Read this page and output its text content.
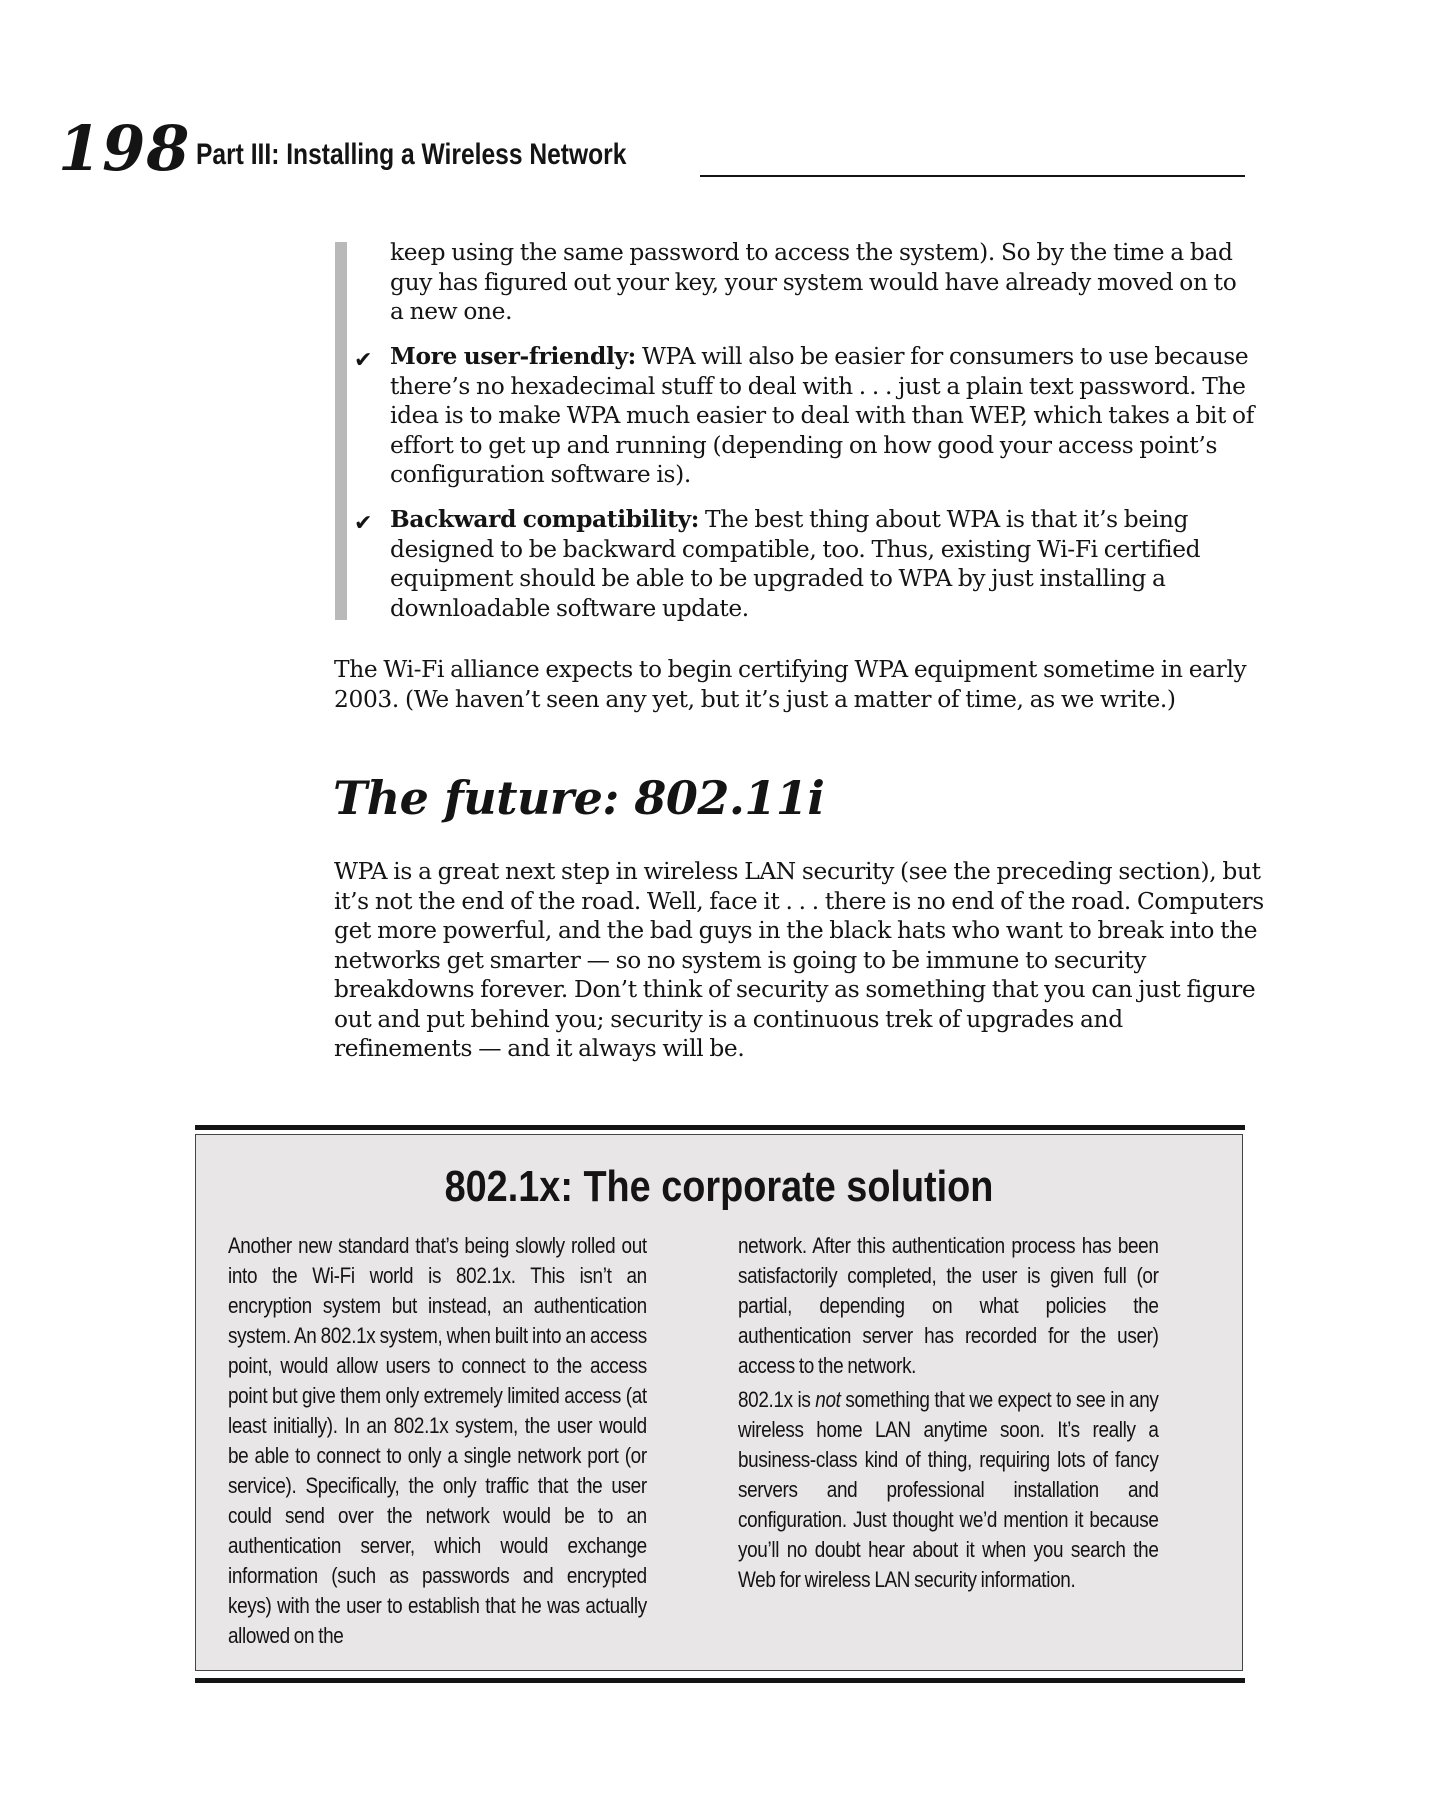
198 Part III: Installing a Wireless Network

keep using the same password to access the system). So by the time a bad guy has figured out your key, your system would have already moved on to a new one.

✔ More user-friendly: WPA will also be easier for consumers to use because there’s no hexadecimal stuff to deal with . . . just a plain text password. The idea is to make WPA much easier to deal with than WEP, which takes a bit of effort to get up and running (depending on how good your access point’s configuration software is).

✔ Backward compatibility: The best thing about WPA is that it’s being designed to be backward compatible, too. Thus, existing Wi-Fi certified equipment should be able to be upgraded to WPA by just installing a downloadable software update.

The Wi-Fi alliance expects to begin certifying WPA equipment sometime in early 2003. (We haven’t seen any yet, but it’s just a matter of time, as we write.)

The future: 802.11i

WPA is a great next step in wireless LAN security (see the preceding section), but it’s not the end of the road. Well, face it . . . there is no end of the road. Computers get more powerful, and the bad guys in the black hats who want to break into the networks get smarter — so no system is going to be immune to security breakdowns forever. Don’t think of security as something that you can just figure out and put behind you; security is a continuous trek of upgrades and refinements — and it always will be.

802.1x: The corporate solution

Another new standard that’s being slowly rolled out into the Wi-Fi world is 802.1x. This isn’t an encryption system but instead, an authentication system. An 802.1x system, when built into an access point, would allow users to connect to the access point but give them only extremely limited access (at least initially). In an 802.1x system, the user would be able to connect to only a single network port (or service). Specifically, the only traffic that the user could send over the network would be to an authentication server, which would exchange information (such as passwords and encrypted keys) with the user to establish that he was actually allowed on the

network. After this authentication process has been satisfactorily completed, the user is given full (or partial, depending on what policies the authentication server has recorded for the user) access to the network.

802.1x is not something that we expect to see in any wireless home LAN anytime soon. It’s really a business-class kind of thing, requiring lots of fancy servers and professional installation and configuration. Just thought we’d mention it because you’ll no doubt hear about it when you search the Web for wireless LAN security information.
